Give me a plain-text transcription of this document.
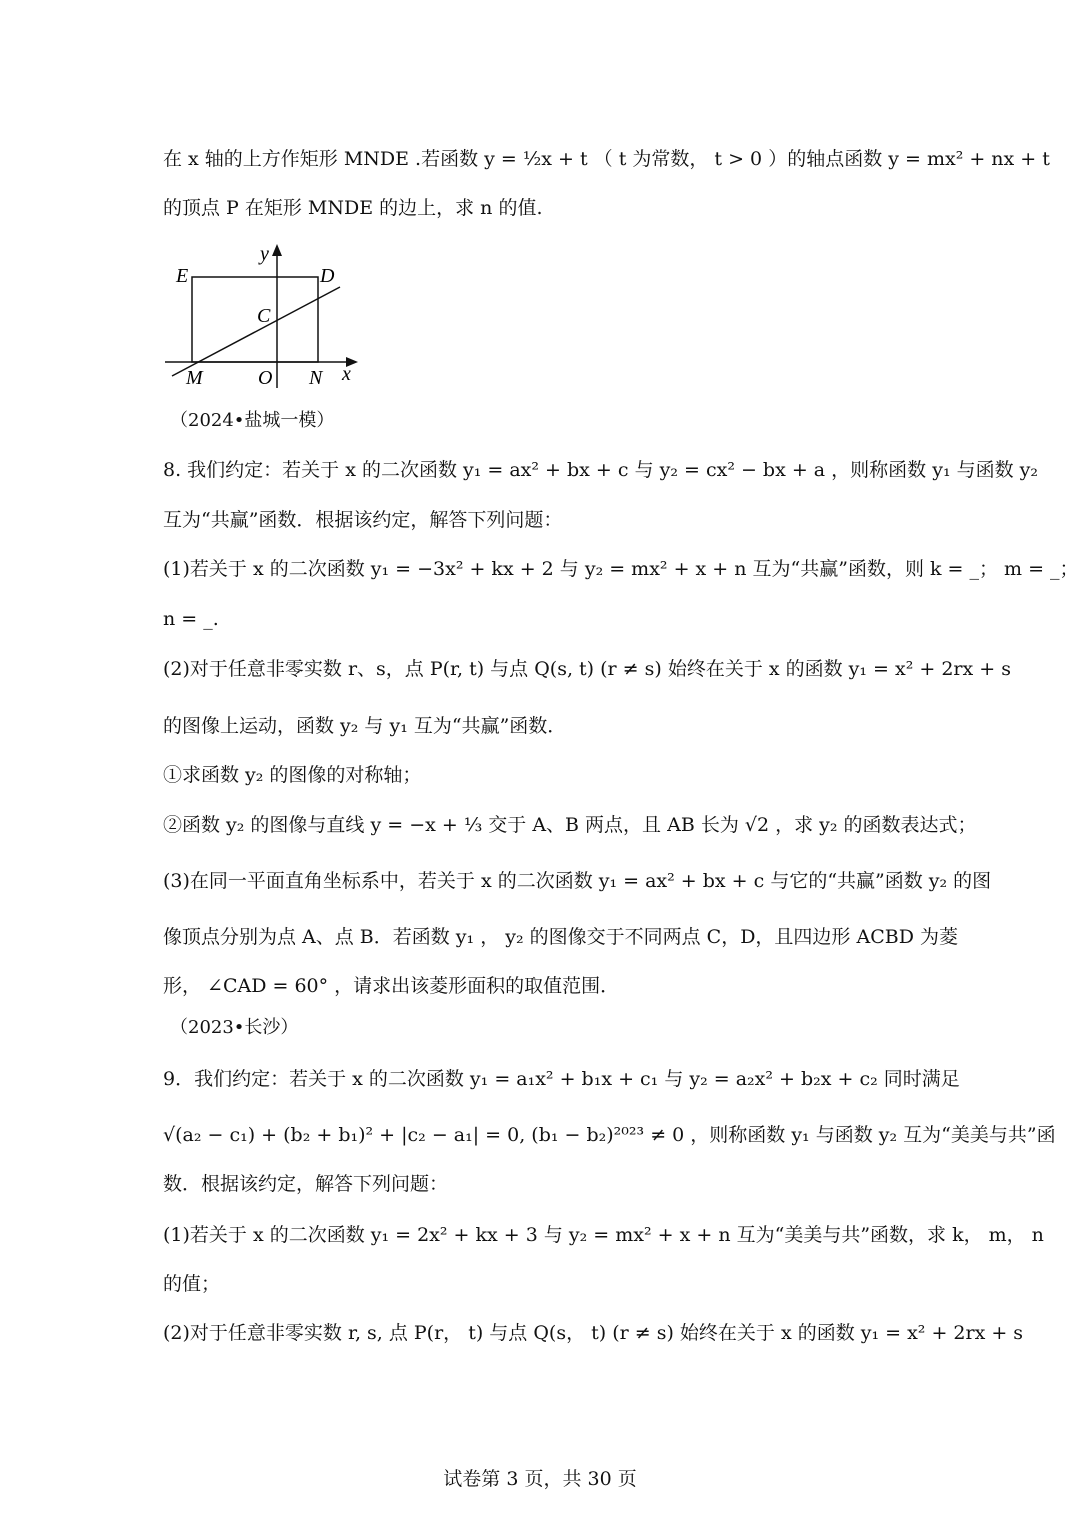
在 x 轴的上方作矩形 MNDE .若函数 y = ½x + t （ t 为常数， t > 0 ）的轴点函数 y = mx² + nx + t
的顶点 P 在矩形 MNDE 的边上，求 n 的值.
E	D
C
M	O N x
y
（2024•盐城一模）
8. 我们约定：若关于 x 的二次函数 y₁ = ax² + bx + c 与 y₂ = cx² − bx + a ，则称函数 y₁ 与函数 y₂
互为“共赢”函数．根据该约定，解答下列问题：
(1)若关于 x 的二次函数 y₁ = −3x² + kx + 2 与 y₂ = mx² + x + n 互为“共赢”函数，则 k = _； m = _；
n = _.
(2)对于任意非零实数 r、s，点 P(r, t) 与点 Q(s, t) (r ≠ s) 始终在关于 x 的函数 y₁ = x² + 2rx + s
的图像上运动，函数 y₂ 与 y₁ 互为“共赢”函数．
①求函数 y₂ 的图像的对称轴；
②函数 y₂ 的图像与直线 y = −x + ⅓ 交于 A、B 两点，且 AB 长为 √2 ，求 y₂ 的函数表达式；
(3)在同一平面直角坐标系中，若关于 x 的二次函数 y₁ = ax² + bx + c 与它的“共赢”函数 y₂ 的图
像顶点分别为点 A、点 B．若函数 y₁ ， y₂ 的图像交于不同两点 C，D，且四边形 ACBD 为菱
形， ∠CAD = 60° ，请求出该菱形面积的取值范围．
（2023•长沙）
9．我们约定：若关于 x 的二次函数 y₁ = a₁x² + b₁x + c₁ 与 y₂ = a₂x² + b₂x + c₂ 同时满足
√(a₂ − c₁) + (b₂ + b₁)² + |c₂ − a₁| = 0, (b₁ − b₂)²⁰²³ ≠ 0 ，则称函数 y₁ 与函数 y₂ 互为“美美与共”函
数．根据该约定，解答下列问题：
(1)若关于 x 的二次函数 y₁ = 2x² + kx + 3 与 y₂ = mx² + x + n 互为“美美与共”函数，求 k， m， n
的值；
(2)对于任意非零实数 r, s, 点 P(r， t) 与点 Q(s， t) (r ≠ s) 始终在关于 x 的函数 y₁ = x² + 2rx + s
试卷第 3 页，共 30 页
